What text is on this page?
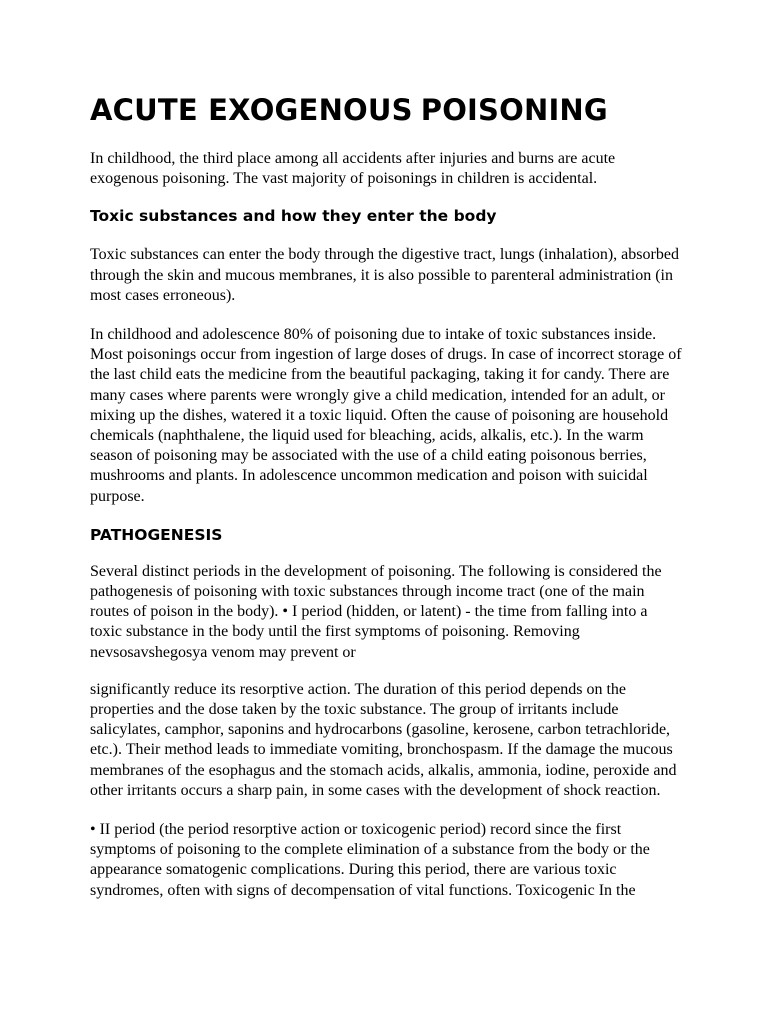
ACUTE EXOGENOUS POISONING

In childhood, the third place among all accidents after injuries and burns are acute exogenous poisoning. The vast majority of poisonings in children is accidental.

Toxic substances and how they enter the body

Toxic substances can enter the body through the digestive tract, lungs (inhalation), absorbed through the skin and mucous membranes, it is also possible to parenteral administration (in most cases erroneous).

In childhood and adolescence 80% of poisoning due to intake of toxic substances inside. Most poisonings occur from ingestion of large doses of drugs. In case of incorrect storage of the last child eats the medicine from the beautiful packaging, taking it for candy. There are many cases where parents were wrongly give a child medication, intended for an adult, or mixing up the dishes, watered it a toxic liquid. Often the cause of poisoning are household chemicals (naphthalene, the liquid used for bleaching, acids, alkalis, etc.). In the warm season of poisoning may be associated with the use of a child eating poisonous berries, mushrooms and plants. In adolescence uncommon medication and poison with suicidal purpose.

PATHOGENESIS

Several distinct periods in the development of poisoning. The following is considered the pathogenesis of poisoning with toxic substances through income tract (one of the main routes of poison in the body). • I period (hidden, or latent) - the time from falling into a toxic substance in the body until the first symptoms of poisoning. Removing nevsosavshegosya venom may prevent or

significantly reduce its resorptive action. The duration of this period depends on the properties and the dose taken by the toxic substance. The group of irritants include salicylates, camphor, saponins and hydrocarbons (gasoline, kerosene, carbon tetrachloride, etc.). Their method leads to immediate vomiting, bronchospasm. If the damage the mucous membranes of the esophagus and the stomach acids, alkalis, ammonia, iodine, peroxide and other irritants occurs a sharp pain, in some cases with the development of shock reaction.

• II period (the period resorptive action or toxicogenic period) record since the first symptoms of poisoning to the complete elimination of a substance from the body or the appearance somatogenic complications. During this period, there are various toxic syndromes, often with signs of decompensation of vital functions. Toxicogenic In the
